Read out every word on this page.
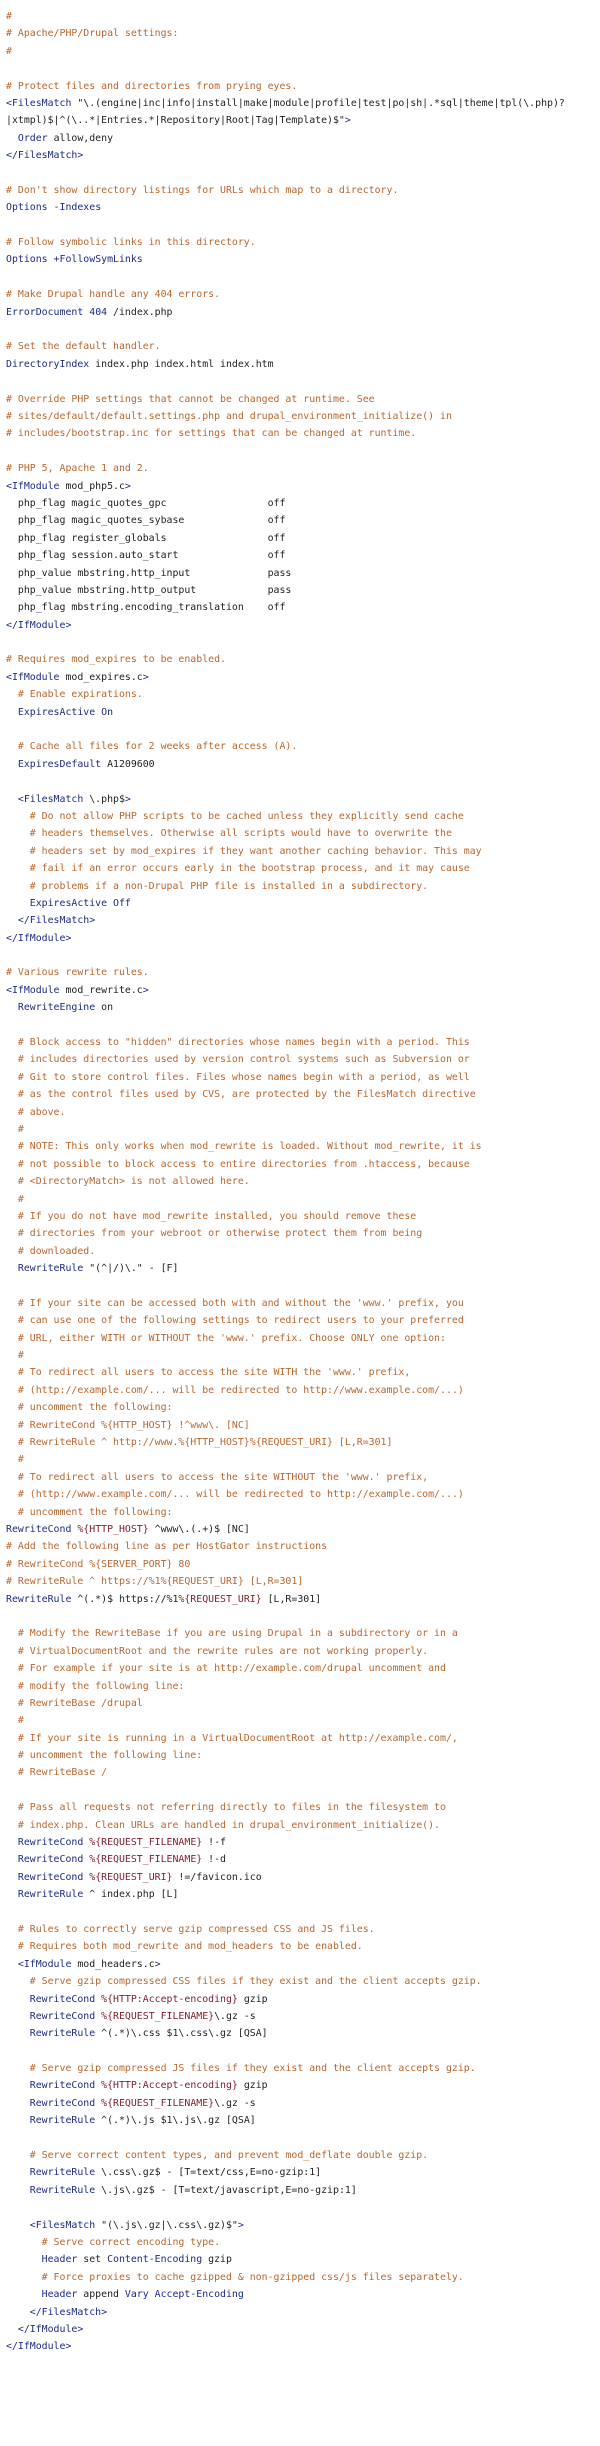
#
# Apache/PHP/Drupal settings:
#
# Protect files and directories from prying eyes.
<FilesMatch "\.(engine|inc|info|install|make|module|profile|test|po|sh|.*sql|theme|tpl(\.php)?
|xtmpl)$|^(\..*|Entries.*|Repository|Root|Tag|Template)$">
Order allow,deny
</FilesMatch>
# Don't show directory listings for URLs which map to a directory.
Options -Indexes
# Follow symbolic links in this directory.
Options +FollowSymLinks
# Make Drupal handle any 404 errors.
ErrorDocument 404 /index.php
# Set the default handler.
DirectoryIndex index.php index.html index.htm
# Override PHP settings that cannot be changed at runtime. See
# sites/default/default.settings.php and drupal_environment_initialize() in
# includes/bootstrap.inc for settings that can be changed at runtime.
# PHP 5, Apache 1 and 2.
<IfModule mod_php5.c>
php_flag magic_quotes_gpc                 off
php_flag magic_quotes_sybase              off
php_flag register_globals                 off
php_flag session.auto_start               off
php_value mbstring.http_input             pass
php_value mbstring.http_output            pass
php_flag mbstring.encoding_translation    off
</IfModule>
# Requires mod_expires to be enabled.
<IfModule mod_expires.c>
# Enable expirations.
ExpiresActive On
# Cache all files for 2 weeks after access (A).
ExpiresDefault A1209600
<FilesMatch \.php$>
# Do not allow PHP scripts to be cached unless they explicitly send cache
# headers themselves. Otherwise all scripts would have to overwrite the
# headers set by mod_expires if they want another caching behavior. This may
# fail if an error occurs early in the bootstrap process, and it may cause
# problems if a non-Drupal PHP file is installed in a subdirectory.
ExpiresActive Off
</FilesMatch>
</IfModule>
# Various rewrite rules.
<IfModule mod_rewrite.c>
RewriteEngine on
# Block access to "hidden" directories whose names begin with a period. This
# includes directories used by version control systems such as Subversion or
# Git to store control files. Files whose names begin with a period, as well
# as the control files used by CVS, are protected by the FilesMatch directive
# above.
#
# NOTE: This only works when mod_rewrite is loaded. Without mod_rewrite, it is
# not possible to block access to entire directories from .htaccess, because
# <DirectoryMatch> is not allowed here.
#
# If you do not have mod_rewrite installed, you should remove these
# directories from your webroot or otherwise protect them from being
# downloaded.
RewriteRule "(^|/)\." - [F]
# If your site can be accessed both with and without the 'www.' prefix, you
# can use one of the following settings to redirect users to your preferred
# URL, either WITH or WITHOUT the 'www.' prefix. Choose ONLY one option:
#
# To redirect all users to access the site WITH the 'www.' prefix,
# (http://example.com/... will be redirected to http://www.example.com/...)
# uncomment the following:
# RewriteCond %{HTTP_HOST} !^www\. [NC]
# RewriteRule ^ http://www.%{HTTP_HOST}%{REQUEST_URI} [L,R=301]
#
# To redirect all users to access the site WITHOUT the 'www.' prefix,
# (http://www.example.com/... will be redirected to http://example.com/...)
# uncomment the following:
RewriteCond %{HTTP_HOST} ^www\.(.+)$ [NC]
# Add the following line as per HostGator instructions
# RewriteCond %{SERVER_PORT} 80
# RewriteRule ^ https://%1%{REQUEST_URI} [L,R=301]
RewriteRule ^(.*)$ https://%1%{REQUEST_URI} [L,R=301]
# Modify the RewriteBase if you are using Drupal in a subdirectory or in a
# VirtualDocumentRoot and the rewrite rules are not working properly.
# For example if your site is at http://example.com/drupal uncomment and
# modify the following line:
# RewriteBase /drupal
#
# If your site is running in a VirtualDocumentRoot at http://example.com/,
# uncomment the following line:
# RewriteBase /
# Pass all requests not referring directly to files in the filesystem to
# index.php. Clean URLs are handled in drupal_environment_initialize().
RewriteCond %{REQUEST_FILENAME} !-f
RewriteCond %{REQUEST_FILENAME} !-d
RewriteCond %{REQUEST_URI} !=/favicon.ico
RewriteRule ^ index.php [L]
# Rules to correctly serve gzip compressed CSS and JS files.
# Requires both mod_rewrite and mod_headers to be enabled.
<IfModule mod_headers.c>
# Serve gzip compressed CSS files if they exist and the client accepts gzip.
RewriteCond %{HTTP:Accept-encoding} gzip
RewriteCond %{REQUEST_FILENAME}\.gz -s
RewriteRule ^(.*)\.css $1\.css\.gz [QSA]
# Serve gzip compressed JS files if they exist and the client accepts gzip.
RewriteCond %{HTTP:Accept-encoding} gzip
RewriteCond %{REQUEST_FILENAME}\.gz -s
RewriteRule ^(.*)\.js $1\.js\.gz [QSA]
# Serve correct content types, and prevent mod_deflate double gzip.
RewriteRule \.css\.gz$ - [T=text/css,E=no-gzip:1]
RewriteRule \.js\.gz$ - [T=text/javascript,E=no-gzip:1]
<FilesMatch "(\.js\.gz|\.css\.gz)$">
# Serve correct encoding type.
Header set Content-Encoding gzip
# Force proxies to cache gzipped & non-gzipped css/js files separately.
Header append Vary Accept-Encoding
</FilesMatch>
</IfModule>
</IfModule>
